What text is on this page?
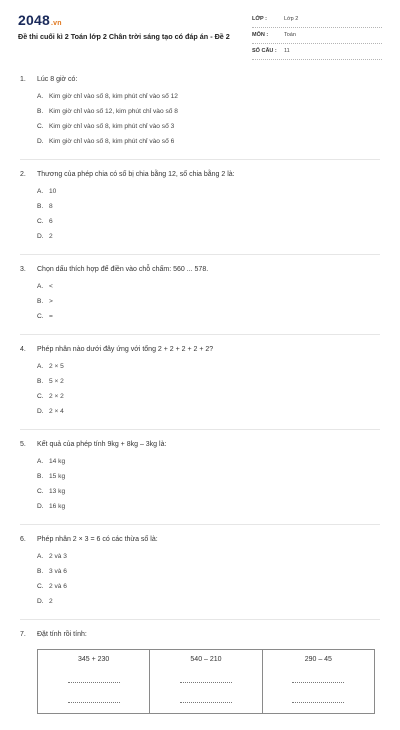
2048.vn
Đề thi cuối kì 2 Toán lớp 2 Chân trời sáng tạo có đáp án - Đề 2
LỚP :	Lớp 2
MÔN :	Toán
SỐ CÂU :	11
1. Lúc 8 giờ có:
A. Kim giờ chỉ vào số 8, kim phút chỉ vào số 12
B. Kim giờ chỉ vào số 12, kim phút chỉ vào số 8
C. Kim giờ chỉ vào số 8, kim phút chỉ vào số 3
D. Kim giờ chỉ vào số 8, kim phút chỉ vào số 6
2. Thương của phép chia có số bị chia bằng 12, số chia bằng 2 là:
A. 10
B. 8
C. 6
D. 2
3. Chọn dấu thích hợp để điền vào chỗ chấm: 560 ... 578.
A. <
B. >
C. =
4. Phép nhân nào dưới đây ứng với tổng 2 + 2 + 2 + 2 + 2?
A. 2 × 5
B. 5 × 2
C. 2 × 2
D. 2 × 4
5. Kết quả của phép tính 9kg + 8kg – 3kg là:
A. 14 kg
B. 15 kg
C. 13 kg
D. 16 kg
6. Phép nhân 2 × 3 = 6 có các thừa số là:
A. 2 và 3
B. 3 và 6
C. 2 và 6
D. 2
7. Đặt tính rồi tính:
345 + 230	540 – 210	290 – 45
